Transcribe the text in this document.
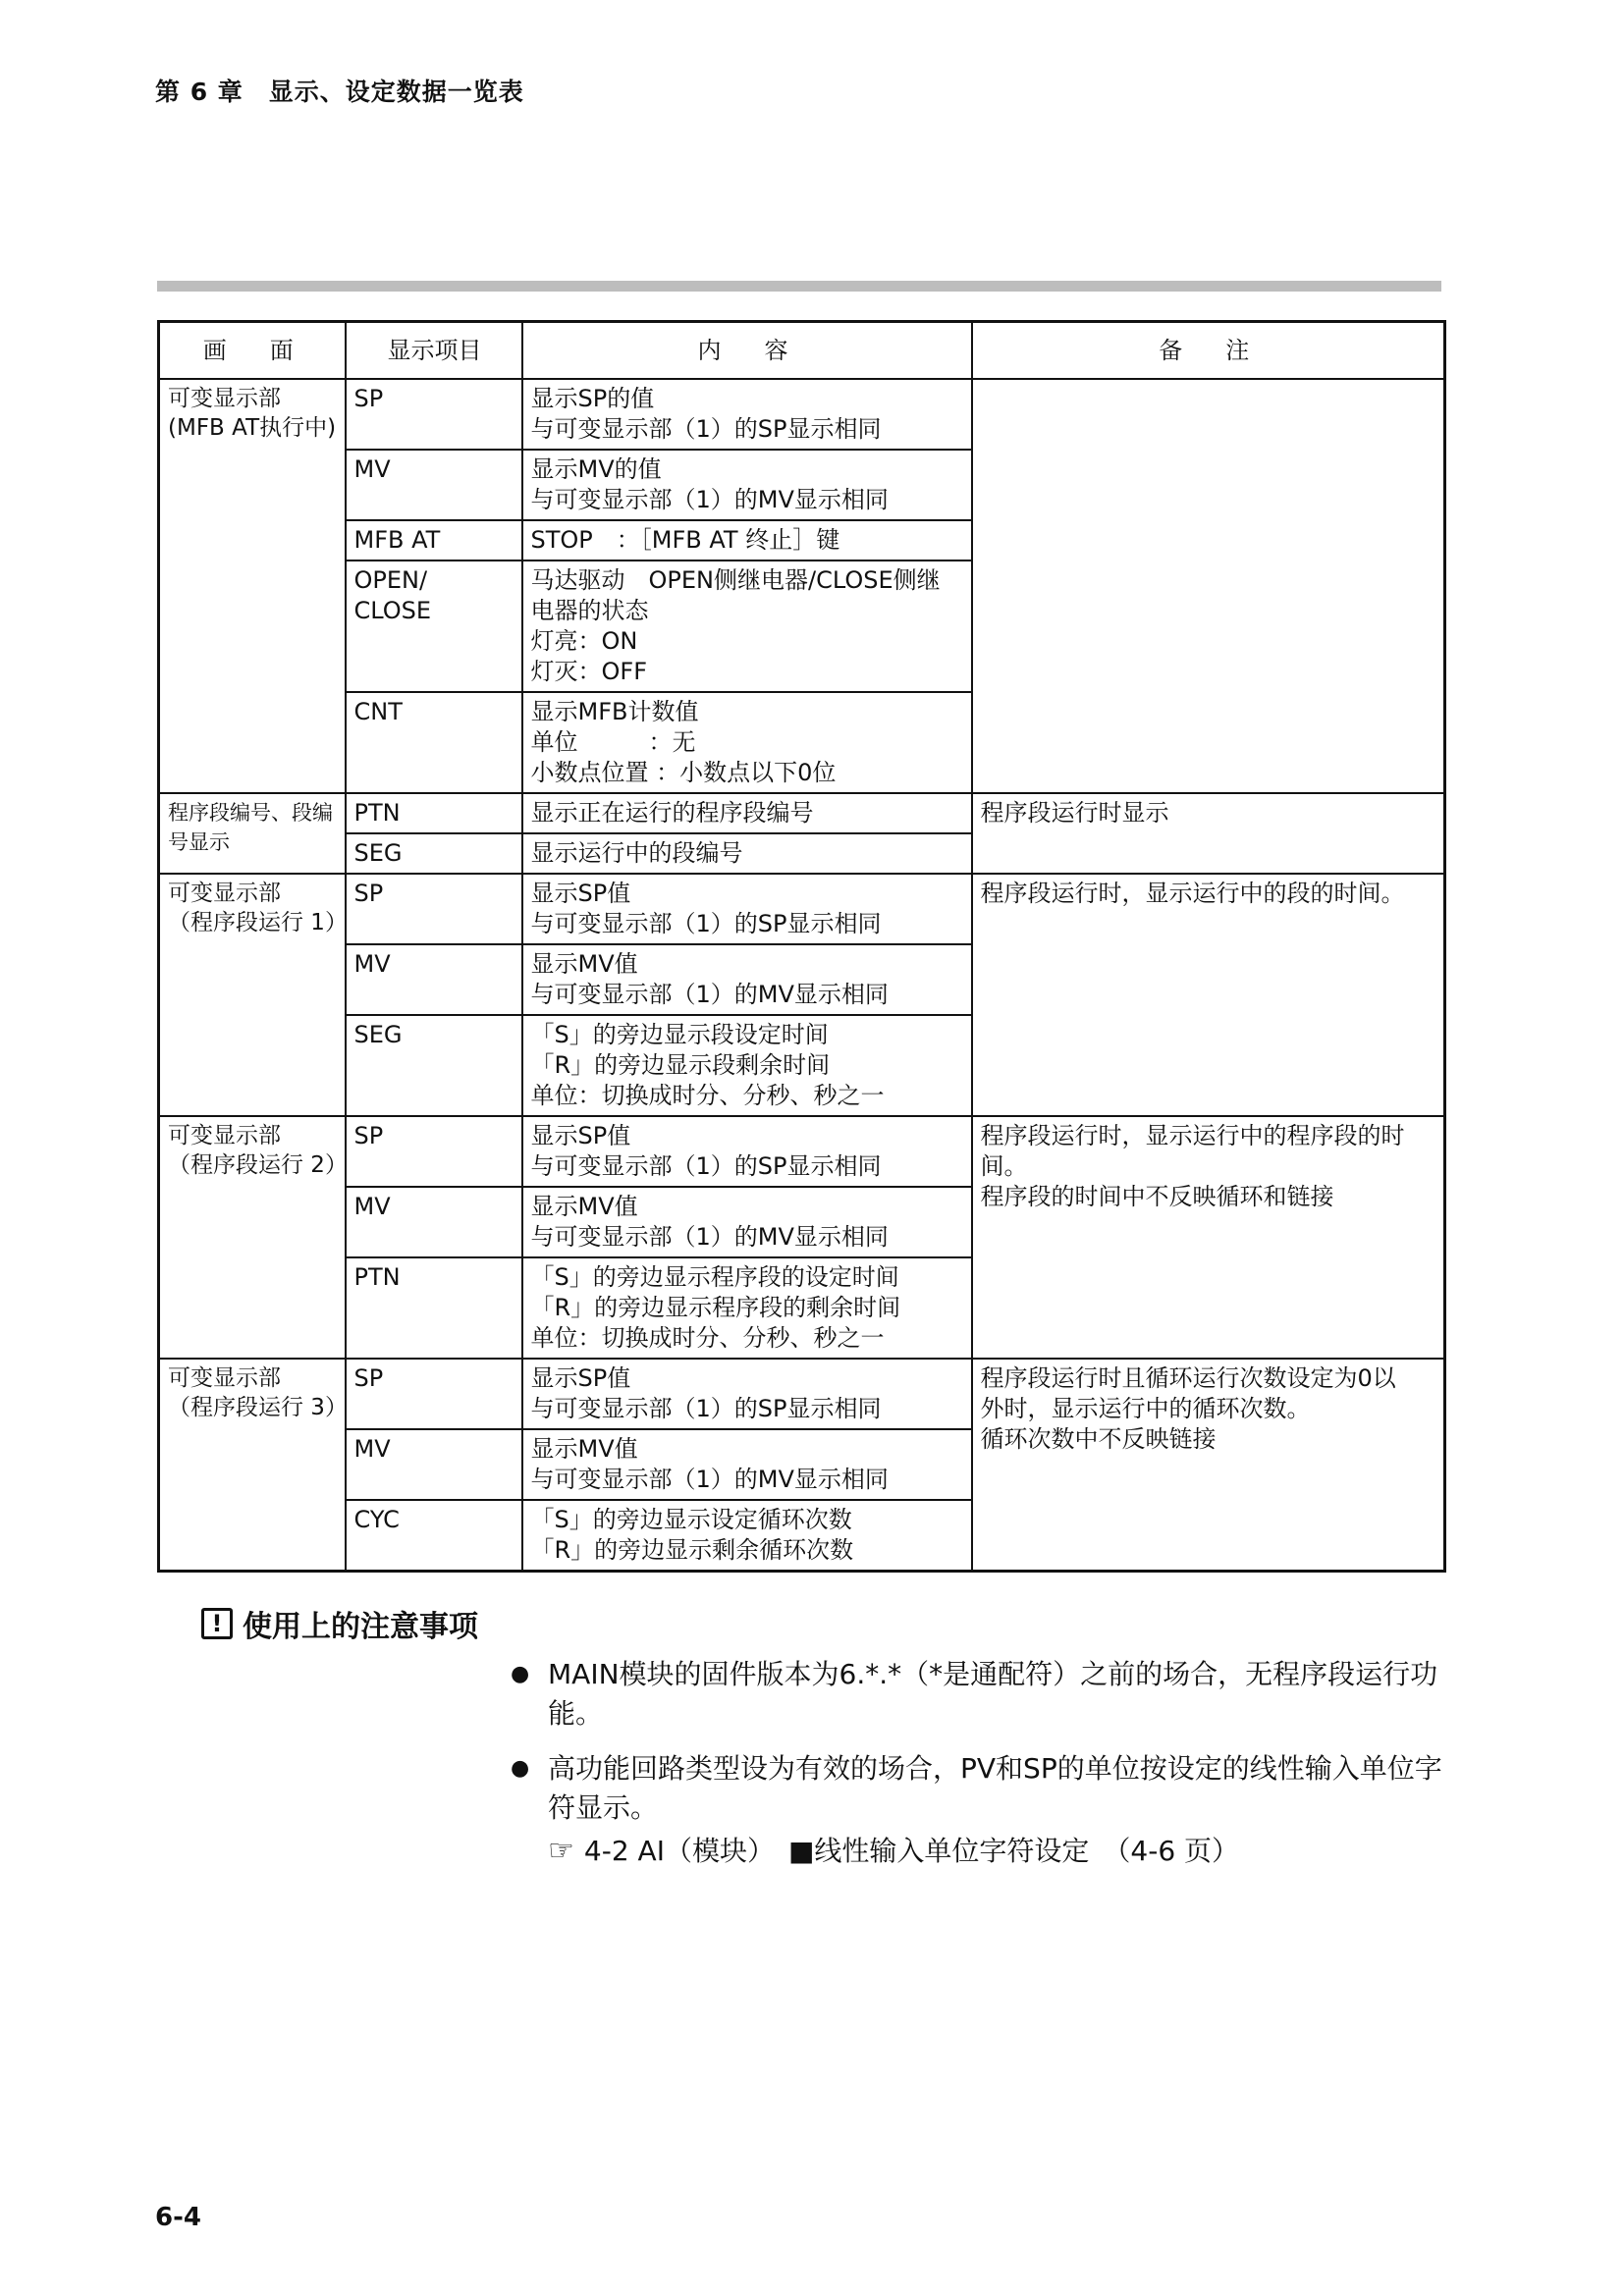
第 6 章　显示、设定数据一览表
画　面	显示项目	内　容	备　注

可变显示部
(MFB AT执行中)	SP	显示SP的值
与可变显示部（1）的SP显示相同	

	MV	显示MV的值
与可变显示部（1）的MV显示相同	

	MFB AT	STOP　：［MFB AT 终止］键	

	OPEN/
CLOSE	马达驱动　OPEN侧继电器/CLOSE侧继
电器的状态
灯亮：ON
灯灭：OFF	

	CNT	显示MFB计数值
单位　　　：无
小数点位置 ：小数点以下0位	

程序段编号、段编
号显示	PTN	显示正在运行的程序段编号	程序段运行时显示

	SEG	显示运行中的段编号	

可变显示部
（程序段运行 1）	SP	显示SP值
与可变显示部（1）的SP显示相同	程序段运行时，显示运行中的段的时间。

	MV	显示MV值
与可变显示部（1）的MV显示相同	

	SEG	「S」的旁边显示段设定时间
「R」的旁边显示段剩余时间
单位：切换成时分、分秒、秒之一	

可变显示部
（程序段运行 2）	SP	显示SP值
与可变显示部（1）的SP显示相同	程序段运行时，显示运行中的程序段的时
间。
程序段的时间中不反映循环和链接

	MV	显示MV值
与可变显示部（1）的MV显示相同	

	PTN	「S」的旁边显示程序段的设定时间
「R」的旁边显示程序段的剩余时间
单位：切换成时分、分秒、秒之一	

可变显示部
（程序段运行 3）	SP	显示SP值
与可变显示部（1）的SP显示相同	程序段运行时且循环运行次数设定为0以
外时，显示运行中的循环次数。
循环次数中不反映链接

	MV	显示MV值
与可变显示部（1）的MV显示相同	

	CYC	「S」的旁边显示设定循环次数
「R」的旁边显示剩余循环次数	
! 使用上的注意事项
● MAIN模块的固件版本为6.*.*（*是通配符）之前的场合，无程序段运行功能。
● 高功能回路类型设为有效的场合，PV和SP的单位按设定的线性输入单位字符显示。
☞ 4-2 AI（模块）　■线性输入单位字符设定　（4-6 页）
6-4
